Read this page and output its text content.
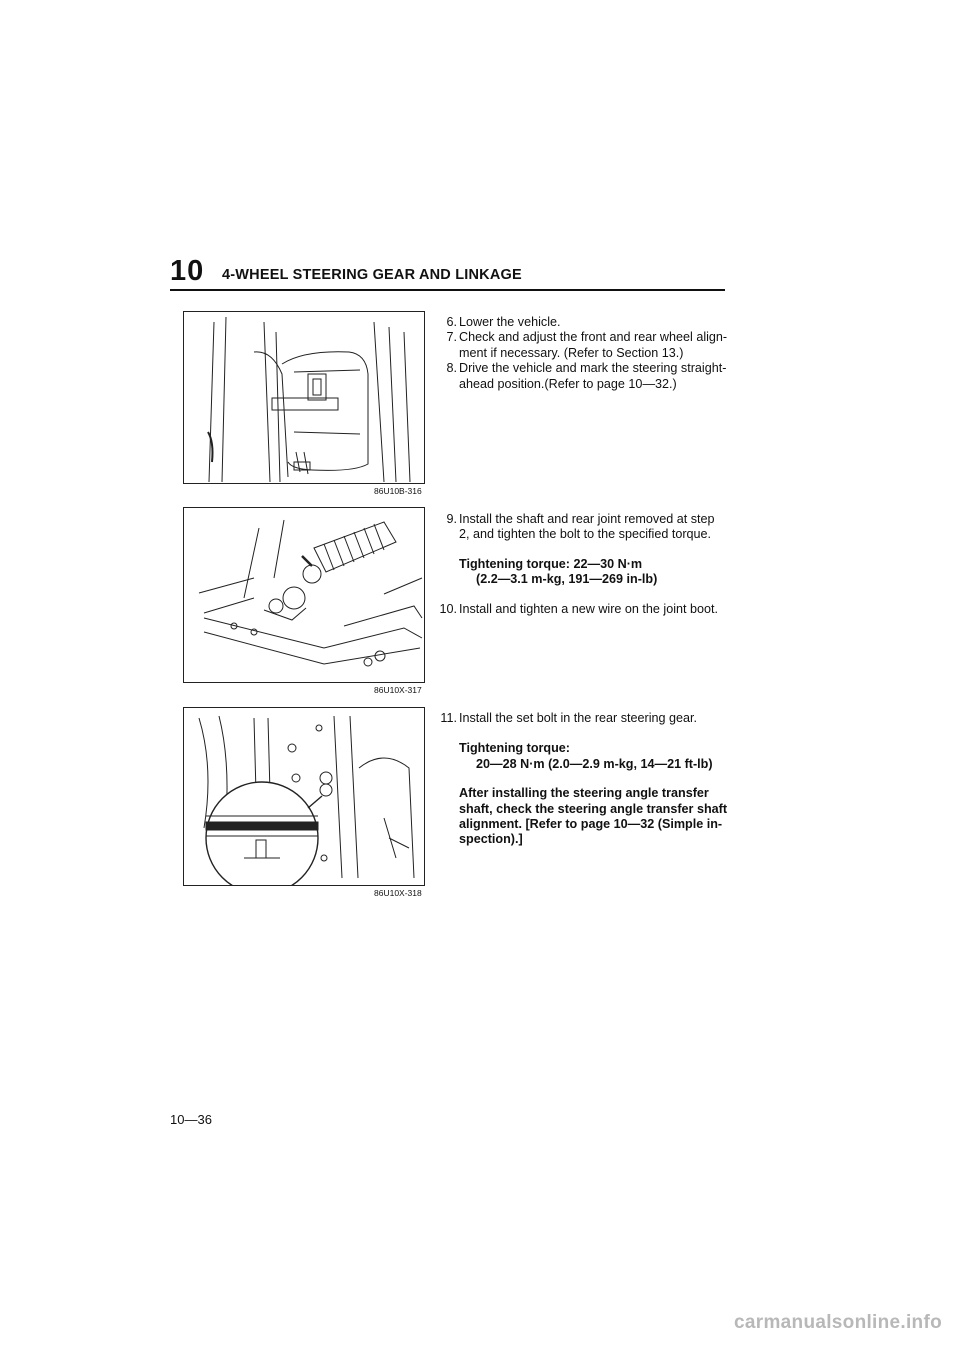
10 4-WHEEL STEERING GEAR AND LINKAGE
86U10B-316
86U10X-317
86U10X-318

6. Lower the vehicle.

7. Check and adjust the front and rear wheel align- ment if necessary. (Refer to Section 13.)

8. Drive the vehicle and mark the steering straight- ahead position.(Refer to page 10—32.)

9. Install the shaft and rear joint removed at step 2, and tighten the bolt to the specified torque.

Tightening torque: 22—30 N·m
(2.2—3.1 m-kg, 191—269 in-lb)

10. Install and tighten a new wire on the joint boot.

11. Install the set bolt in the rear steering gear.

Tightening torque:
20—28 N·m (2.0—2.9 m-kg, 14—21 ft-lb)

After installing the steering angle transfer shaft, check the steering angle transfer shaft alignment. [Refer to page 10—32 (Simple in- spection).]

10—36
carmanualsonline.info
